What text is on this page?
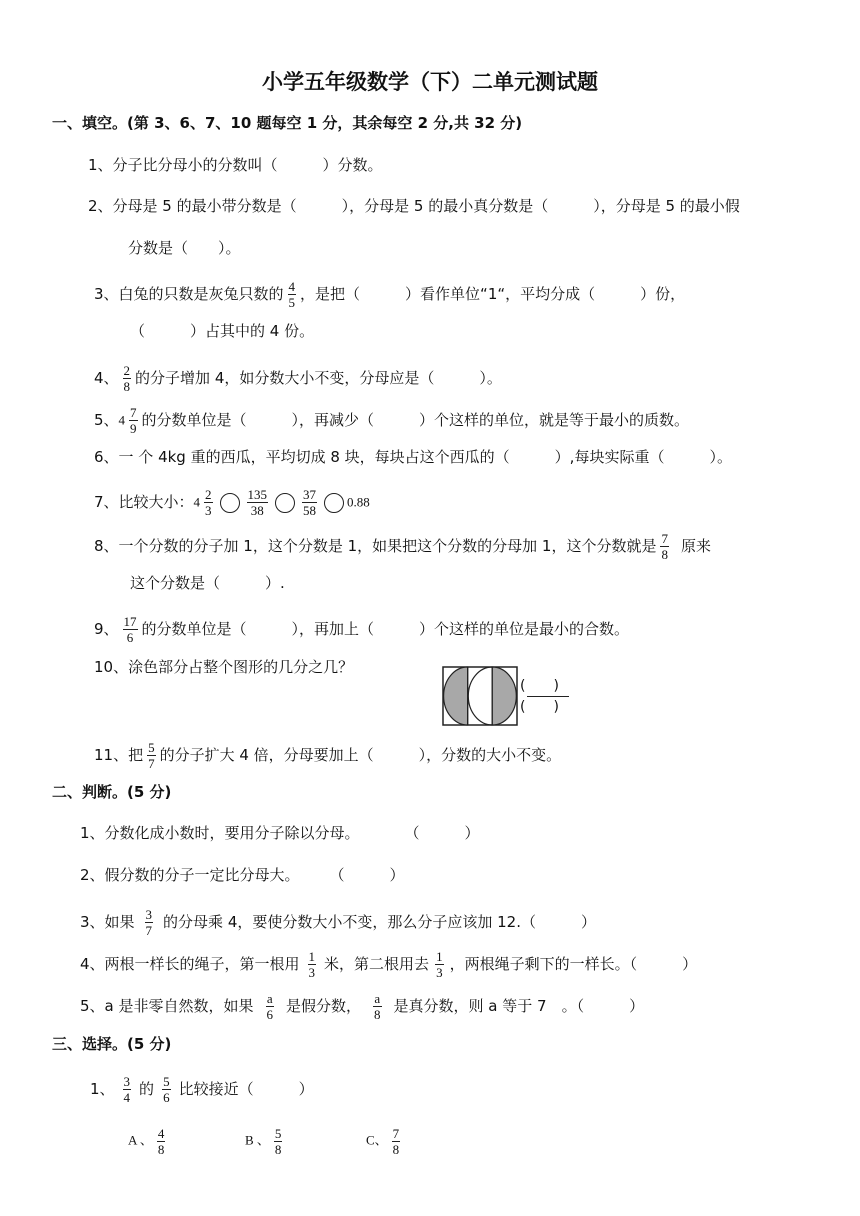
小学五年级数学（下）二单元测试题
一、填空。(第 3、6、7、10 题每空 1 分，其余每空 2 分,共 32 分)
1、分子比分母小的分数叫（　　　）分数。
2、分母是 5 的最小带分数是（　　　），分母是 5 的最小真分数是（　　　），分母是 5 的最小假
分数是（　　）。
3、白兔的只数是灰兔只数的 $\frac{4}{5}$ ，是把（　　　）看作单位“1“，平均分成（　　　）份，
（　　　）占其中的 4 份。
4、 $\frac{2}{8}$ 的分子增加 4，如分数大小不变，分母应是（　　　）。
5、$4 \frac{7}{9}$ 的分数单位是（　　　），再减少（　　　）个这样的单位，就是等于最小的质数。
6、一 个 4kg 重的西瓜，平均切成 8 块，每块占这个西瓜的（　　　）,每块实际重（　　　）。
7、比较大小：$4 \frac{2}{3}$	$\frac{135}{38}$	$\frac{37}{58} 0.88$
8、一个分数的分子加 1，这个分数是 1，如果把这个分数的分母加 1，这个分数就是 $\frac{7}{8}$ 原来
这个分数是（　　　）.
9、 $\frac{17}{6}$ 的分数单位是（　　　），再加上（　　　）个这样的单位是最小的合数。
10、涂色部分占整个图形的几分之几？
(　　)
(　　)
11、把 $\frac{5}{7}$ 的分子扩大 4 倍，分母要加上（　　　），分数的大小不变。
二、判断。(5 分)
1、分数化成小数时，要用分子除以分母。　　　　（　　　）
2、假分数的分子一定比分母大。　　　（　　　）
3、如果 $\frac{3}{7}$ 的分母乘 4，要使分数大小不变，那么分子应该加 12.（　　　）
4、两根一样长的绳子，第一根用 $\frac{1}{3}$ 米，第二根用去 $\frac{1}{3}$ ，两根绳子剩下的一样长。（　　　）
5、a 是非零自然数，如果 $\frac{a}{6}$ 是假分数， $\frac{a}{8}$ 是真分数，则 a 等于 7　。（　　　）
三、选择。(5 分)
1、 $\frac{3}{4}$ 的 $\frac{5}{6}$ 比较接近（　　　）
A 、 $\frac{4}{8}$	B 、 $\frac{5}{8}$	C、 $\frac{7}{8}$
